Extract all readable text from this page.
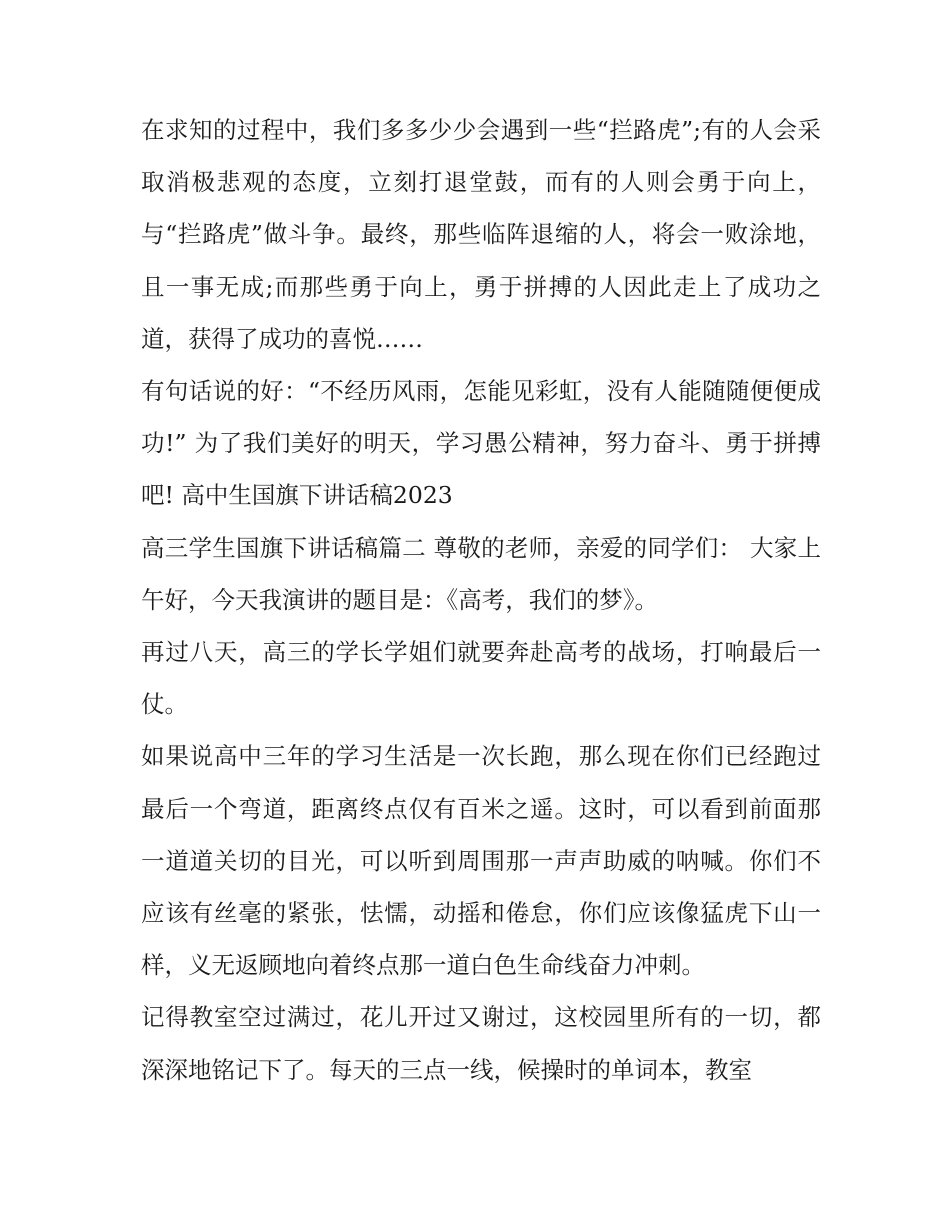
在求知的过程中，我们多多少少会遇到一些“拦路虎”;有的人会采取消极悲观的态度，立刻打退堂鼓，而有的人则会勇于向上，与“拦路虎”做斗争。最终，那些临阵退缩的人，将会一败涂地，且一事无成;而那些勇于向上，勇于拼搏的人因此走上了成功之道，获得了成功的喜悦……

有句话说的好：“不经历风雨，怎能见彩虹，没有人能随随便便成功!” 为了我们美好的明天，学习愚公精神，努力奋斗、勇于拼搏吧! 高中生国旗下讲话稿2023

高三学生国旗下讲话稿篇二 尊敬的老师，亲爱的同学们： 大家上午好，今天我演讲的题目是：《高考，我们的梦》。

再过八天，高三的学长学姐们就要奔赴高考的战场，打响最后一仗。

如果说高中三年的学习生活是一次长跑，那么现在你们已经跑过最后一个弯道，距离终点仅有百米之遥。这时，可以看到前面那一道道关切的目光，可以听到周围那一声声助威的呐喊。你们不应该有丝毫的紧张，怯懦，动摇和倦怠，你们应该像猛虎下山一样，义无返顾地向着终点那一道白色生命线奋力冲刺。

记得教室空过满过，花儿开过又谢过，这校园里所有的一切，都深深地铭记下了。每天的三点一线，候操时的单词本，教室
